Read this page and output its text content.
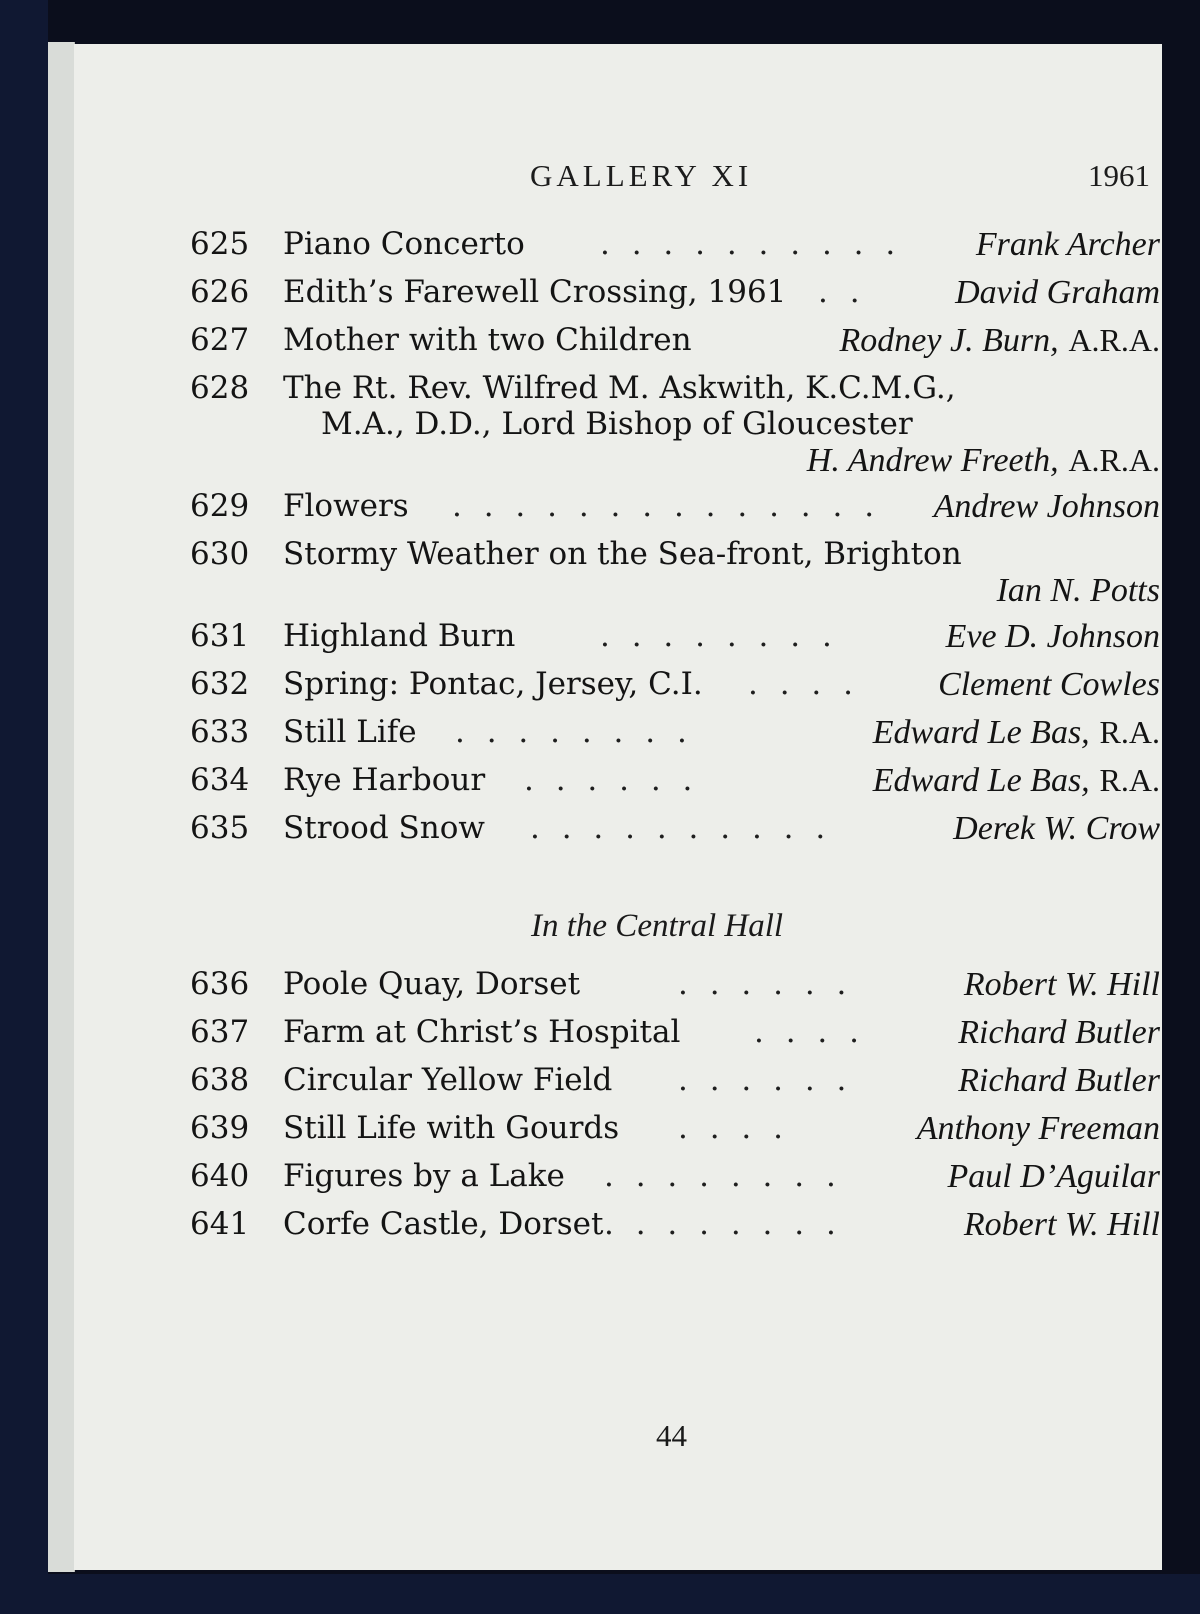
GALLERY XI	1961
625 Piano Concerto . . . . . . . . . . Frank Archer
626 Edith’s Farewell Crossing, 1961 . .	David Graham
627 Mother with two Children	Rodney J. Burn, A.R.A.
628 The Rt. Rev. Wilfred M. Askwith, K.C.M.G.,
M.A., D.D., Lord Bishop of Gloucester
H. Andrew Freeth, A.R.A.
629 Flowers . . . . . . . . . . . . . . Andrew Johnson
630 Stormy Weather on the Sea-front, Brighton
Ian N. Potts
631 Highland Burn	. . . . . . . .	Eve D. Johnson
632 Spring: Pontac, Jersey, C.I. . . . . Clement Cowles
633 Still Life . . . . . . . .	Edward Le Bas, R.A.
634 Rye Harbour . . . . . .	Edward Le Bas, R.A.
635 Strood Snow . . . . . . . . . .	Derek W. Crow
In the Central Hall
636 Poole Quay, Dorset	. . . . . .	Robert W. Hill
637 Farm at Christ’s Hospital . . . .	Richard Butler
638 Circular Yellow Field . . . . . .	Richard Butler
639 Still Life with Gourds . . . .	Anthony Freeman
640 Figures by a Lake . . . . . . . .	Paul D’Aguilar
641 Corfe Castle, Dorset . . . . . . . .	Robert W. Hill
44
